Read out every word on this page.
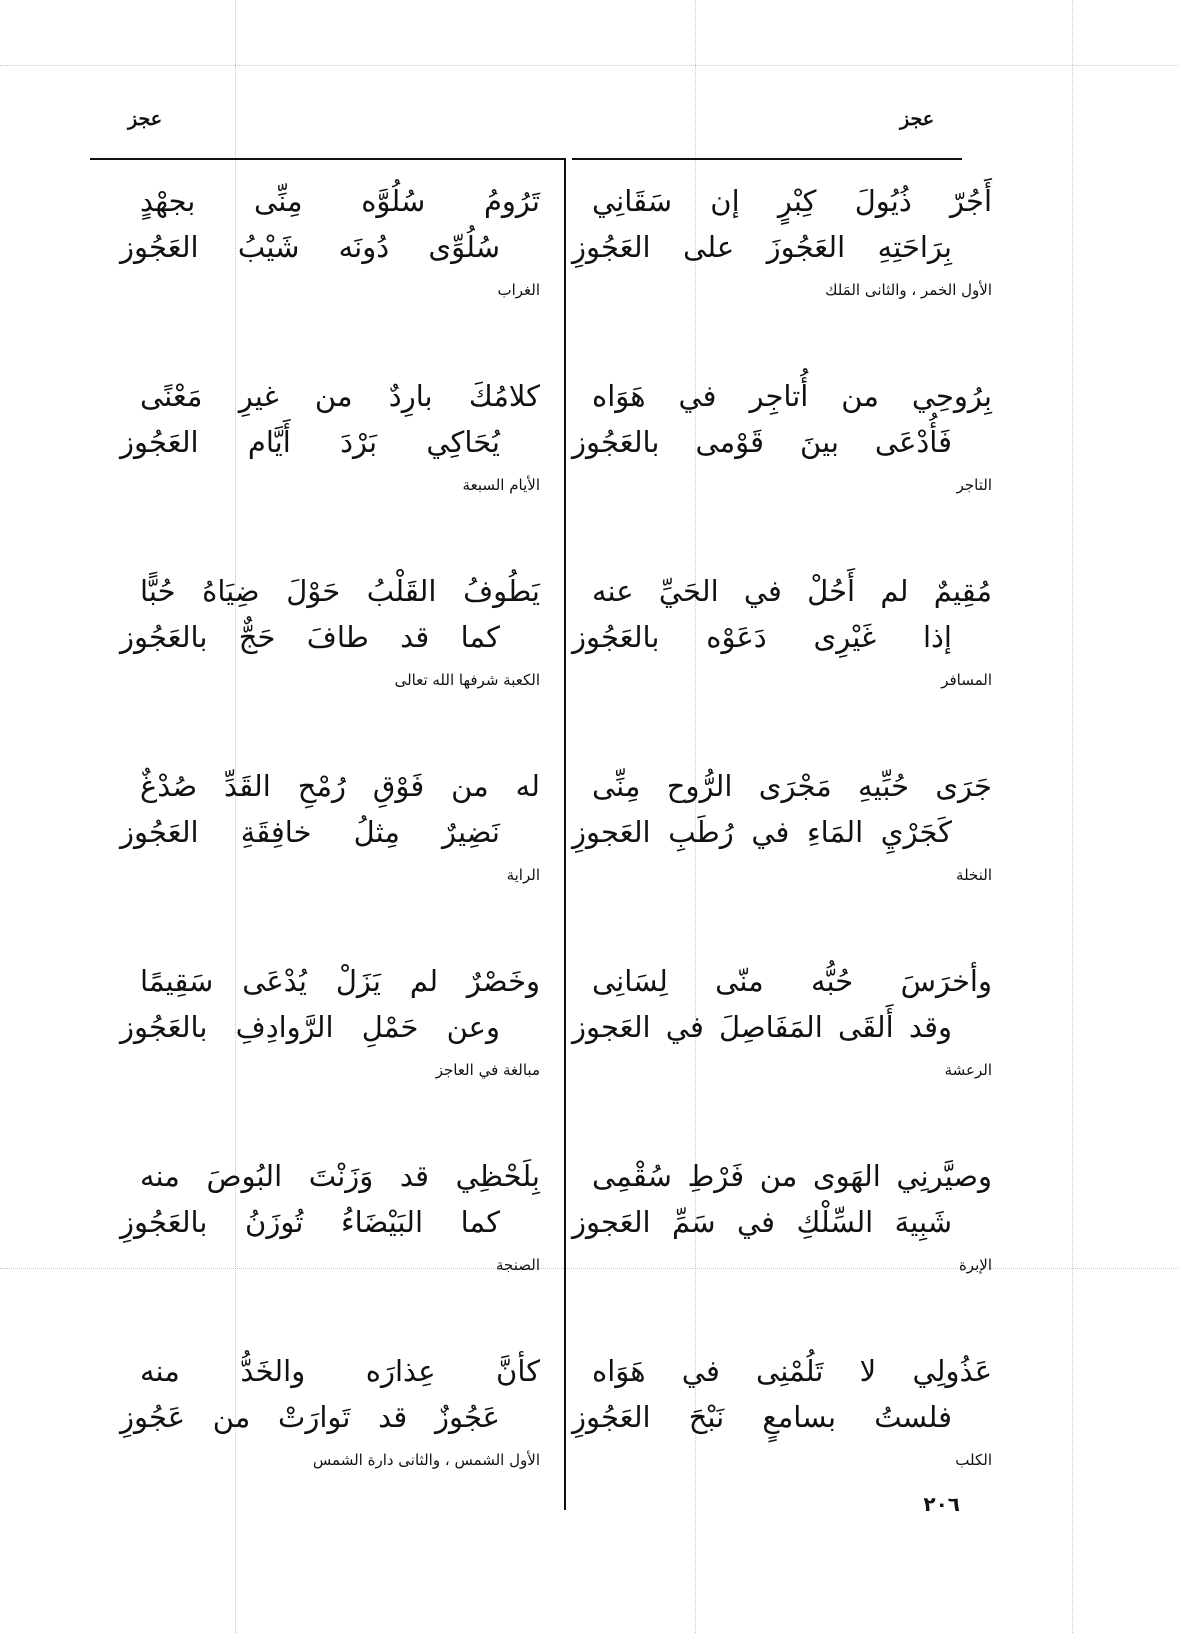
عجز	عجز
أَجُرّ ذُيُولَ كِبْرٍ إن سَقَانِي
بِرَاحَتِهِ العَجُوزَ على العَجُوزِ
الأول الخمر ، والثانى المَلك
بِرُوحِي من أُتاجِر في هَوَاه
فَأُدْعَى بينَ قَوْمى بالعَجُوز
التاجر
مُقِيمٌ لم أَحُلْ في الحَيِّ عنه
إذا غَيْرِى دَعَوْه بالعَجُوز
المسافر
جَرَى حُبِّيهِ مَجْرَى الرُّوح مِنِّى
كَجَرْيِ المَاءِ في رُطَبِ العَجوزِ
النخلة
وأخرَسَ حُبُّه منّى لِسَانِى
وقد أَلقَى المَفَاصِلَ في العَجوز
الرعشة
وصيَّرنِي الهَوى من فَرْطِ سُقْمِى
شَبِيهَ السِّلْكِ في سَمِّ العَجوز
الإبرة
عَذُولِي لا تَلُمْنِى في هَوَاه
فلستُ بسامعٍ نَبْحَ العَجُوزِ
الكلب
تَرُومُ سُلُوَّه مِنِّى بجهْدٍ
سُلُوِّى دُونَه شَيْبُ العَجُوز
الغراب
كلامُكَ بارِدٌ من غيرِ مَعْنًى
يُحَاكِي بَرْدَ أَيَّام العَجُوز
الأيام السبعة
يَطُوفُ القَلْبُ حَوْلَ ضِيَاهُ حُبًّا
كما قد طافَ حَجٌّ بالعَجُوز
الكعبة شرفها الله تعالى
له من فَوْقِ رُمْحِ القَدِّ صُدْغٌ
نَضِيرٌ مِثلُ خافِقَةِ العَجُوز
الراية
وخَصْرٌ لم يَزَلْ يُدْعَى سَقِيمًا
وعن حَمْلِ الرَّوادِفِ بالعَجُوز
مبالغة في العاجز
بِلَحْظِي قد وَزَنْتَ البُوصَ منه
كما البَيْضَاءُ تُوزَنُ بالعَجُوزِ
الصنجة
كأنَّ عِذارَه والخَدُّ منه
عَجُوزٌ قد تَوارَتْ من عَجُوزِ
الأول الشمس ، والثانى دارة الشمس
٢٠٦
